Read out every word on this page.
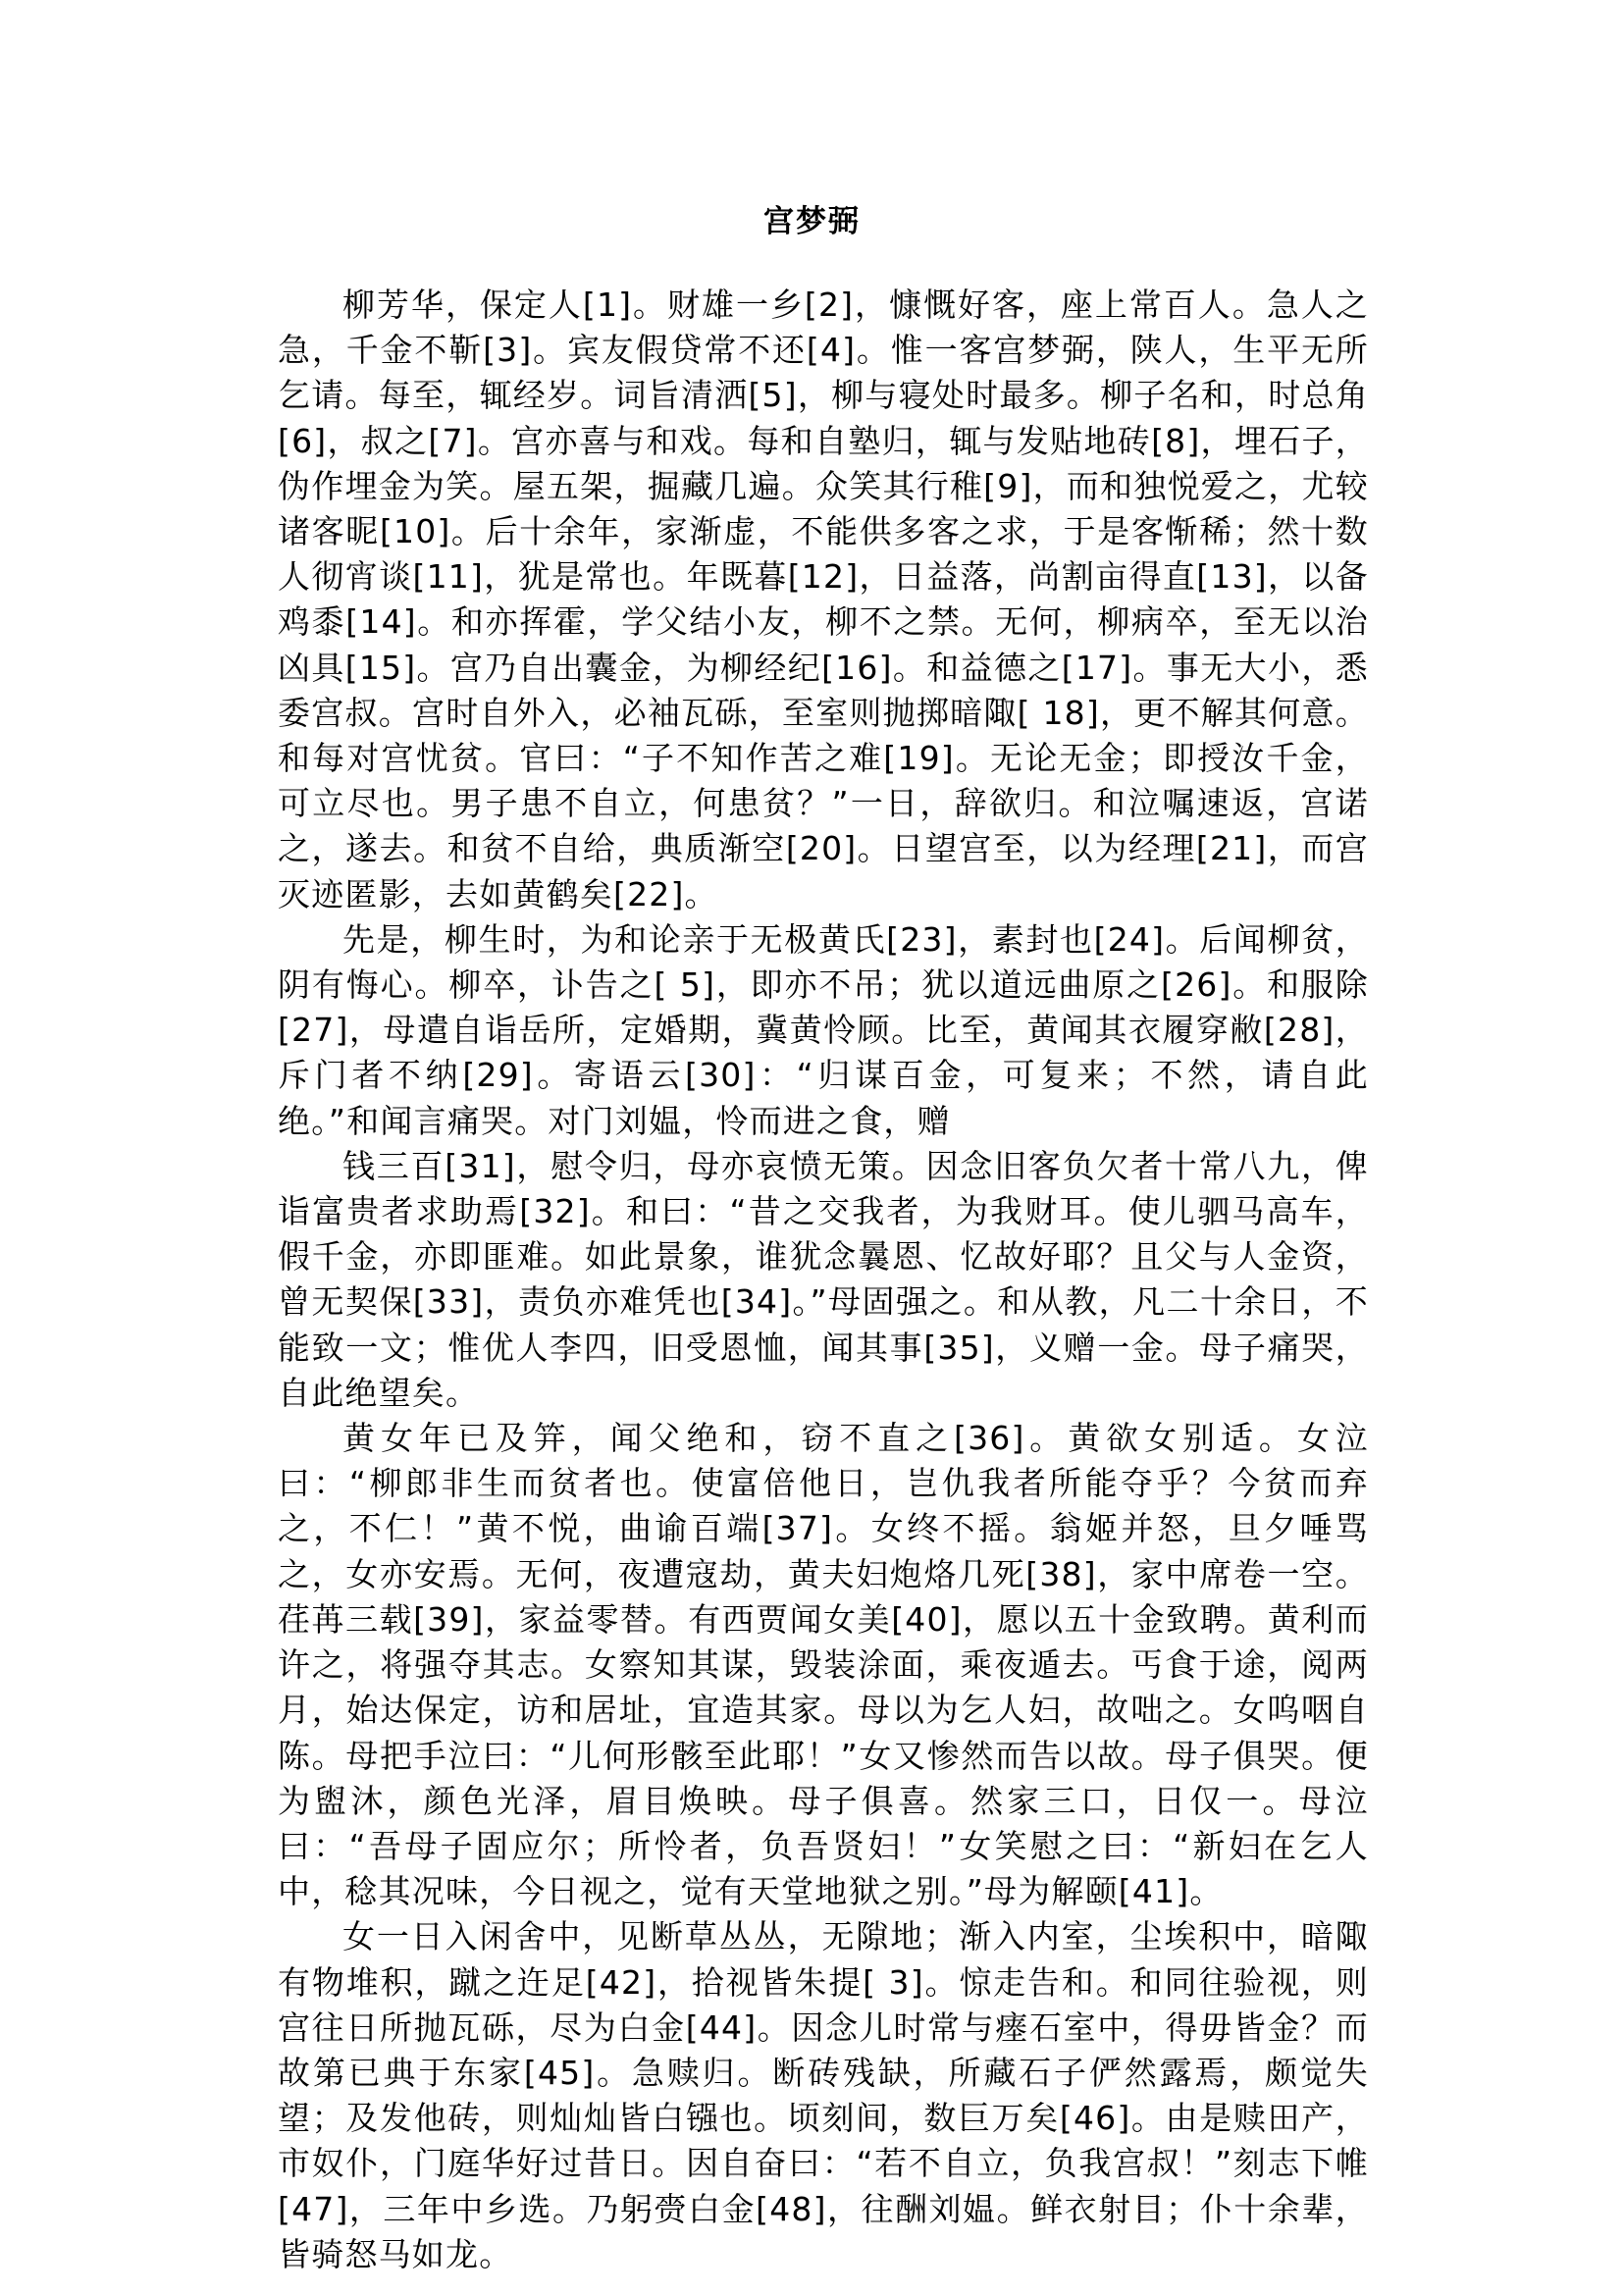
宫梦弼

柳芳华，保定人[1]。财雄一乡[2]，慷慨好客，座上常百人。急人之急，千金不靳[3]。宾友假贷常不还[4]。惟一客宫梦弼，陕人，生平无所乞请。每至，辄经岁。词旨清洒[5]，柳与寝处时最多。柳子名和，时总角[6]，叔之[7]。宫亦喜与和戏。每和自塾归，辄与发贴地砖[8]，埋石子，伪作埋金为笑。屋五架，掘藏几遍。众笑其行稚[9]，而和独悦爱之，尤较诸客昵[10]。后十余年，家渐虚，不能供多客之求，于是客惭稀；然十数人彻宵谈[11]，犹是常也。年既暮[12]，日益落，尚割亩得直[13]，以备鸡黍[14]。和亦挥霍，学父结小友，柳不之禁。无何，柳病卒，至无以治凶具[15]。宫乃自出囊金，为柳经纪[16]。和益德之[17]。事无大小，悉委宫叔。宫时自外入，必袖瓦砾，至室则抛掷暗陬[ 18]，更不解其何意。和每对宫忧贫。官曰：“子不知作苦之难[19]。无论无金；即授汝千金，可立尽也。男子患不自立，何患贫？”一日，辞欲归。和泣嘱速返，宫诺之，遂去。和贫不自给，典质渐空[20]。日望宫至，以为经理[21]，而宫灭迹匿影，去如黄鹤矣[22]。

先是，柳生时，为和论亲于无极黄氏[23]，素封也[24]。后闻柳贫，阴有悔心。柳卒，讣告之[ 5]，即亦不吊；犹以道远曲原之[26]。和服除[27]，母遣自诣岳所，定婚期，冀黄怜顾。比至，黄闻其衣履穿敝[28]，斥门者不纳[29]。寄语云[30]：“归谋百金，可复来；不然，请自此绝。”和闻言痛哭。对门刘媪，怜而进之食，赠

钱三百[31]，慰令归，母亦哀愤无策。因念旧客负欠者十常八九，俾诣富贵者求助焉[32]。和曰：“昔之交我者，为我财耳。使儿驷马高车，假千金，亦即匪难。如此景象，谁犹念曩恩、忆故好耶？且父与人金资，曾无契保[33]，责负亦难凭也[34]。”母固强之。和从教，凡二十余日，不能致一文；惟优人李四，旧受恩恤，闻其事[35]，义赠一金。母子痛哭，自此绝望矣。

黄女年已及笄，闻父绝和，窃不直之[36]。黄欲女别适。女泣曰：“柳郎非生而贫者也。使富倍他日，岂仇我者所能夺乎？今贫而弃之，不仁！”黄不悦，曲谕百端[37]。女终不摇。翁姬并怒，旦夕唾骂之，女亦安焉。无何，夜遭寇劫，黄夫妇炮烙几死[38]，家中席卷一空。荏苒三载[39]，家益零替。有西贾闻女美[40]，愿以五十金致聘。黄利而许之，将强夺其志。女察知其谋，毁装涂面，乘夜遁去。丐食于途，阅两月，始达保定，访和居址，宜造其家。母以为乞人妇，故咄之。女呜咽自陈。母把手泣曰：“儿何形骸至此耶！”女又惨然而告以故。母子俱哭。便为盥沐，颜色光泽，眉目焕映。母子俱喜。然家三口，日仅一。母泣曰：“吾母子固应尔；所怜者，负吾贤妇！”女笑慰之曰：“新妇在乞人中，稔其况味，今日视之，觉有天堂地狱之别。”母为解颐[41]。

女一日入闲舍中，见断草丛丛，无隙地；渐入内室，尘埃积中，暗陬有物堆积，蹴之迕足[42]，拾视皆朱提[ 3]。惊走告和。和同往验视，则宫往日所抛瓦砾，尽为白金[44]。因念儿时常与瘗石室中，得毋皆金？而故第已典于东家[45]。急赎归。断砖残缺，所藏石子俨然露焉，颇觉失望；及发他砖，则灿灿皆白镪也。顷刻间，数巨万矣[46]。由是赎田产，市奴仆，门庭华好过昔日。因自奋曰：“若不自立，负我宫叔！”刻志下帷[47]，三年中乡选。乃躬赍白金[48]，往酬刘媪。鲜衣射目；仆十余辈，皆骑怒马如龙。
